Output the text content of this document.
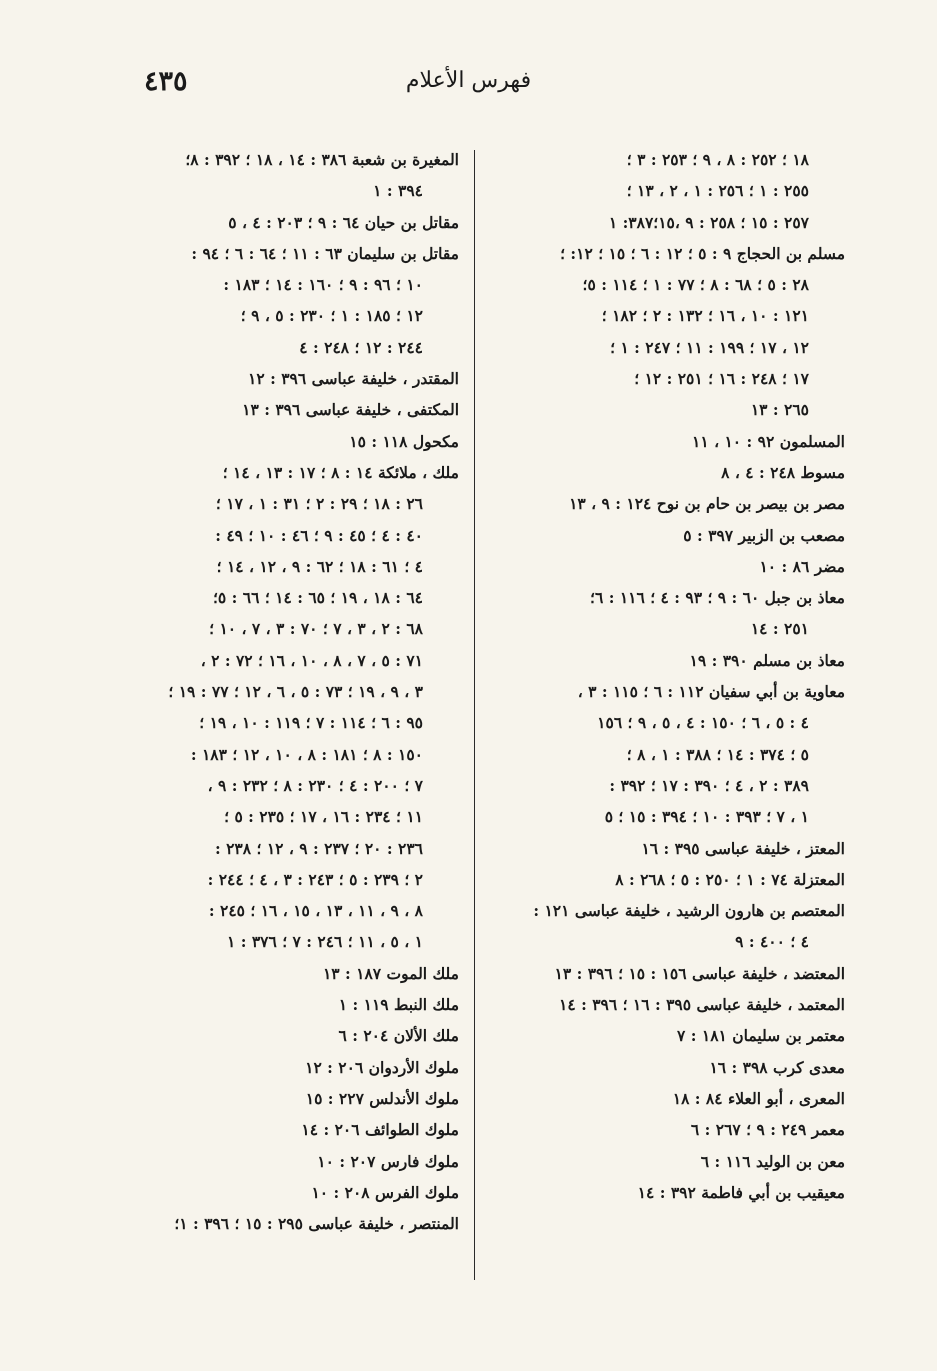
٤٣٥	فهرس الأعلام
١٨ ؛ ٢٥٢ : ٨ ، ٩ ؛ ٢٥٣ : ٣ ؛
٢٥٥ : ١ ؛ ٢٥٦ : ١ ، ٢ ، ١٣ ؛
٢٥٧ : ١٥ ؛ ٢٥٨ : ٩ ،١٥؛٣٨٧: ١
مسلم بن الحجاج ٩ : ٥ ؛ ١٢ : ٦ ؛ ١٥ ؛ ١٢: ؛
٢٨ : ٥ ؛ ٦٨ : ٨ ؛ ٧٧ : ١ ؛ ١١٤ : ٥؛
١٢١ : ١٠ ، ١٦ ؛ ١٣٢ : ٢ ؛ ١٨٢ ؛
١٢ ، ١٧ ؛ ١٩٩ : ١١ ؛ ٢٤٧ : ١ ؛
١٧ ؛ ٢٤٨ : ١٦ ؛ ٢٥١ : ١٢ ؛
٢٦٥ : ١٣
المسلمون ٩٢ : ١٠ ، ١١
مسوط ٢٤٨ : ٤ ، ٨
مصر بن بيصر بن حام بن نوح ١٢٤ : ٩ ، ١٣
مصعب بن الزبير ٣٩٧ : ٥
مضر ٨٦ : ١٠
معاذ بن جبل ٦٠ : ٩ ؛ ٩٣ : ٤ ؛ ١١٦ : ٦؛
٢٥١ : ١٤
معاذ بن مسلم ٣٩٠ : ١٩
معاوية بن أبي سفيان ١١٢ : ٦ ؛ ١١٥ : ٣ ،
٤ : ٥ ، ٦ ؛ ١٥٠ : ٤ ، ٥ ، ٩ ؛ ١٥٦
٥ ؛ ٣٧٤ : ١٤ ؛ ٣٨٨ : ١ ، ٨ ؛
٣٨٩ : ٢ ، ٤ ؛ ٣٩٠ : ١٧ ؛ ٣٩٢ :
١ ، ٧ ؛ ٣٩٣ : ١٠ ؛ ٣٩٤ : ١٥ ؛ ٥
المعتز ، خليفة عباسى ٣٩٥ : ١٦
المعتزلة ٧٤ : ١ ؛ ٢٥٠ : ٥ ؛ ٢٦٨ : ٨
المعتصم بن هارون الرشيد ، خليفة عباسى ١٢١ :
٤ ؛ ٤٠٠ : ٩
المعتضد ، خليفة عباسى ١٥٦ : ١٥ ؛ ٣٩٦ : ١٣
المعتمد ، خليفة عباسى ٣٩٥ : ١٦ ؛ ٣٩٦ : ١٤
معتمر بن سليمان ١٨١ : ٧
معدى كرب ٣٩٨ : ١٦
المعرى ، أبو العلاء ٨٤ : ١٨
معمر ٢٤٩ : ٩ ؛ ٢٦٧ : ٦
معن بن الوليد ١١٦ : ٦
معيقيب بن أبي فاطمة ٣٩٢ : ١٤
المغيرة بن شعبة ٣٨٦ : ١٤ ، ١٨ ؛ ٣٩٢ : ٨؛
٣٩٤ : ١
مقاتل بن حيان ٦٤ : ٩ ؛ ٢٠٣ : ٤ ، ٥
مقاتل بن سليمان ٦٣ : ١١ ؛ ٦٤ : ٦ ؛ ٩٤ :
١٠ ؛ ٩٦ : ٩ ؛ ١٦٠ : ١٤ ؛ ١٨٣ :
١٢ ؛ ١٨٥ : ١ ؛ ٢٣٠ : ٥ ، ٩ ؛
٢٤٤ : ١٢ ؛ ٢٤٨ : ٤
المقتدر ، خليفة عباسى ٣٩٦ : ١٢
المكتفى ، خليفة عباسى ٣٩٦ : ١٣
مكحول ١١٨ : ١٥
ملك ، ملائكة ١٤ : ٨ ؛ ١٧ : ١٣ ، ١٤ ؛
٢٦ : ١٨ ؛ ٢٩ : ٢ ؛ ٣١ : ١ ، ١٧ ؛
٤٠ : ٤ ؛ ٤٥ : ٩ ؛ ٤٦ : ١٠ ؛ ٤٩ :
٤ ؛ ٦١ : ١٨ ؛ ٦٢ : ٩ ، ١٢ ، ١٤ ؛
٦٤ : ١٨ ، ١٩ ؛ ٦٥ : ١٤ ؛ ٦٦ : ٥؛
٦٨ : ٢ ، ٣ ، ٧ ؛ ٧٠ : ٣ ، ٧ ، ١٠ ؛
٧١ : ٥ ، ٧ ، ٨ ، ١٠ ، ١٦ ؛ ٧٢ : ٢ ،
٣ ، ٩ ، ١٩ ؛ ٧٣ : ٥ ، ٦ ، ١٢ ؛ ٧٧ : ١٩ ؛
٩٥ : ٦ ؛ ١١٤ : ٧ ؛ ١١٩ : ١٠ ، ١٩ ؛
١٥٠ : ٨ ؛ ١٨١ : ٨ ، ١٠ ، ١٢ ؛ ١٨٣ :
٧ ؛ ٢٠٠ : ٤ ؛ ٢٣٠ : ٨ ؛ ٢٣٢ : ٩ ،
١١ ؛ ٢٣٤ : ١٦ ، ١٧ ؛ ٢٣٥ : ٥ ؛
٢٣٦ : ٢٠ ؛ ٢٣٧ : ٩ ، ١٢ ؛ ٢٣٨ :
٢ ؛ ٢٣٩ : ٥ ؛ ٢٤٣ : ٣ ، ٤ ؛ ٢٤٤ :
٨ ، ٩ ، ١١ ، ١٣ ، ١٥ ، ١٦ ؛ ٢٤٥ :
١ ، ٥ ، ١١ ؛ ٢٤٦ : ٧ ؛ ٣٧٦ : ١
ملك الموت ١٨٧ : ١٣
ملك النبط ١١٩ : ١
ملك الألان ٢٠٤ : ٦
ملوك الأردوان ٢٠٦ : ١٢
ملوك الأندلس ٢٢٧ : ١٥
ملوك الطوائف ٢٠٦ : ١٤
ملوك فارس ٢٠٧ : ١٠
ملوك الفرس ٢٠٨ : ١٠
المنتصر ، خليفة عباسى ٢٩٥ : ١٥ ؛ ٣٩٦ : ١؛
